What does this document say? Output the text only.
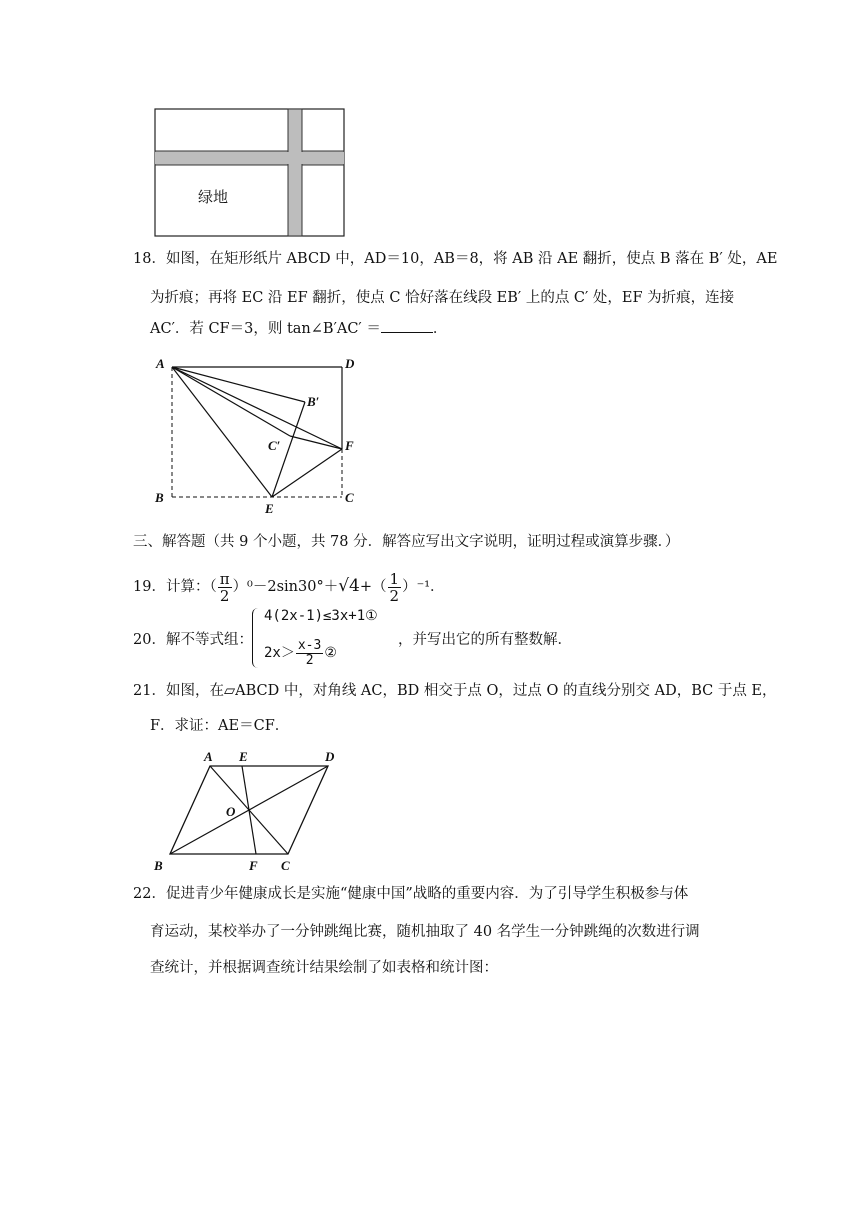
绿地
18．如图，在矩形纸片 ABCD 中，AD＝10，AB＝8，将 AB 沿 AE 翻折，使点 B 落在 B′ 处，AE
为折痕；再将 EC 沿 EF 翻折，使点 C 恰好落在线段 EB′ 上的点 C′ 处，EF 为折痕，连接
AC′．若 CF＝3，则 tan∠B′AC′ ＝	．
A	D
B′
C′	F
B
E
C
三、解答题（共 9 个小题，共 78 分．解答应写出文字说明，证明过程或演算步骤．）
19．计算：（ $\frac{\pi}{2} )^0-2\sin 30^\circ+√4+( \frac{1}{2} )^{-1}$．
20．解不等式组：
4(2x-1)≤3x+1①
$2x> \frac{x-3}{2}$ ②
，并写出它的所有整数解．
21．如图，在▱ABCD 中，对角线 AC，BD 相交于点 O，过点 O 的直线分别交 AD，BC 于点 E，
F．求证：AE＝CF．
A E	D
O
B	F C
22．促进青少年健康成长是实施“健康中国”战略的重要内容．为了引导学生积极参与体
育运动，某校举办了一分钟跳绳比赛，随机抽取了 40 名学生一分钟跳绳的次数进行调
查统计，并根据调查统计结果绘制了如表格和统计图：
